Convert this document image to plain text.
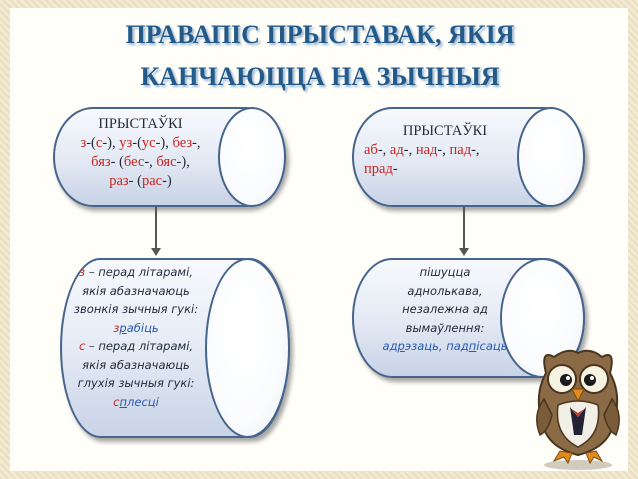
ПРАВАПІС ПРЫСТАВАК, ЯКІЯ
КАНЧАЮЦЦА НА ЗЫЧНЫЯ
ПРЫСТАЎКІ
з-(с-), уз-(ус-), без-,
бяз- (бес-, бяс-),
раз- (рас-)
ПРЫСТАЎКІ
аб-, ад-, над-, пад-,
прад-
з – перад літарамі,
якія абазначаюць
звонкія зычныя гукі:
зрабіць
с – перад літарамі,
якія абазначаюць
глухія зычныя гукі:
сплесці
пішуцца
аднолькава,
незалежна ад
вымаўлення:
адрэзаць, падпісаць
